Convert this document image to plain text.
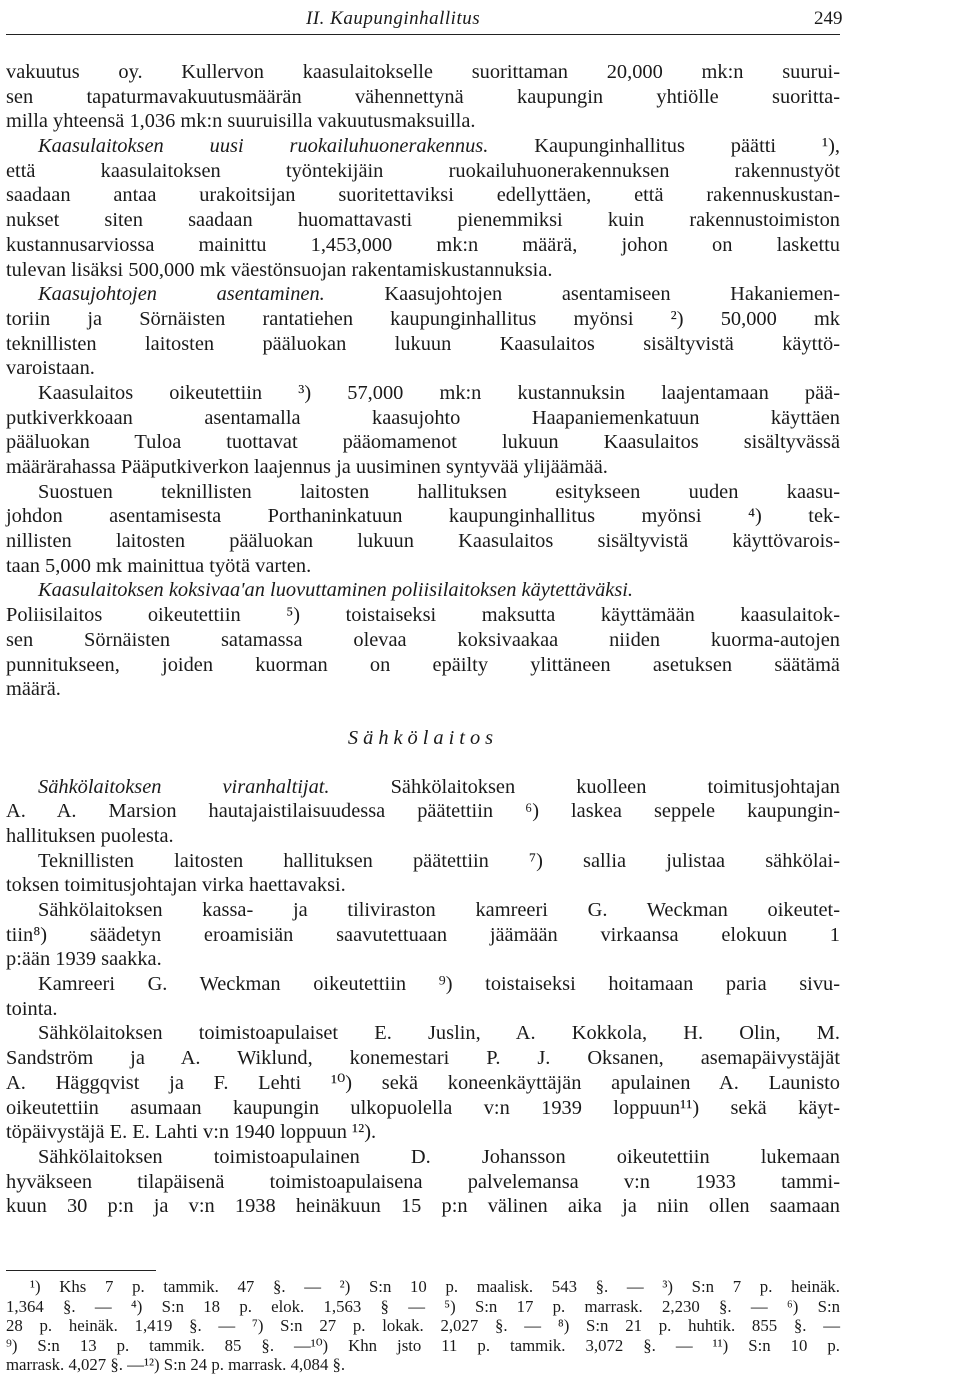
II. Kaupunginhallitus	249
vakuutus oy. Kullervon kaasulaitokselle suorittaman 20,000 mk:n suurui-
sen tapaturmavakuutusmäärän vähennettynä kaupungin yhtiölle suoritta-
milla yhteensä 1,036 mk:n suuruisilla vakuutusmaksuilla.
Kaasulaitoksen uusi ruokailuhuonerakennus. Kaupunginhallitus päätti ¹),
että kaasulaitoksen työntekijäin ruokailuhuonerakennuksen rakennustyöt
saadaan antaa urakoitsijan suoritettaviksi edellyttäen, että rakennuskustan-
nukset siten saadaan huomattavasti pienemmiksi kuin rakennustoimiston
kustannusarviossa mainittu 1,453,000 mk:n määrä, johon on laskettu
tulevan lisäksi 500,000 mk väestönsuojan rakentamiskustannuksia.
Kaasujohtojen asentaminen. Kaasujohtojen asentamiseen Hakaniemen-
toriin ja Sörnäisten rantatiehen kaupunginhallitus myönsi ²) 50,000 mk
teknillisten laitosten pääluokan lukuun Kaasulaitos sisältyvistä käyttö-
varoistaan.
Kaasulaitos oikeutettiin ³) 57,000 mk:n kustannuksin laajentamaan pää-
putkiverkkoaan asentamalla kaasujohto Haapaniemenkatuun käyttäen
pääluokan Tuloa tuottavat pääomamenot lukuun Kaasulaitos sisältyvässä
määrärahassa Pääputkiverkon laajennus ja uusiminen syntyvää ylijäämää.
Suostuen teknillisten laitosten hallituksen esitykseen uuden kaasu-
johdon asentamisesta Porthaninkatuun kaupunginhallitus myönsi ⁴) tek-
nillisten laitosten pääluokan lukuun Kaasulaitos sisältyvistä käyttövarois-
taan 5,000 mk mainittua työtä varten.
Kaasulaitoksen koksivaa'an luovuttaminen poliisilaitoksen käytettäväksi.
Poliisilaitos oikeutettiin ⁵) toistaiseksi maksutta käyttämään kaasulaitok-
sen Sörnäisten satamassa olevaa koksivaakaa niiden kuorma-autojen
punnitukseen, joiden kuorman on epäilty ylittäneen asetuksen säätämä
määrä.
Sähkölaitos
Sähkölaitoksen viranhaltijat. Sähkölaitoksen kuolleen toimitusjohtajan
A. A. Marsion hautajaistilaisuudessa päätettiin ⁶) laskea seppele kaupungin-
hallituksen puolesta.
Teknillisten laitosten hallituksen päätettiin ⁷) sallia julistaa sähkölai-
toksen toimitusjohtajan virka haettavaksi.
Sähkölaitoksen kassa- ja tiliviraston kamreeri G. Weckman oikeutet-
tiin⁸) säädetyn eroamisiän saavutettuaan jäämään virkaansa elokuun 1
p:ään 1939 saakka.
Kamreeri G. Weckman oikeutettiin ⁹) toistaiseksi hoitamaan paria sivu-
tointa.
Sähkölaitoksen toimistoapulaiset E. Juslin, A. Kokkola, H. Olin, M.
Sandström ja A. Wiklund, konemestari P. J. Oksanen, asemapäivystäjät
A. Häggqvist ja F. Lehti ¹⁰) sekä koneenkäyttäjän apulainen A. Launisto
oikeutettiin asumaan kaupungin ulkopuolella v:n 1939 loppuun¹¹) sekä käyt-
töpäivystäjä E. E. Lahti v:n 1940 loppuun ¹²).
Sähkölaitoksen toimistoapulainen D. Johansson oikeutettiin lukemaan
hyväkseen tilapäisenä toimistoapulaisena palvelemansa v:n 1933 tammi-
kuun 30 p:n ja v:n 1938 heinäkuun 15 p:n välinen aika ja niin ollen saamaan
¹) Khs 7 p. tammik. 47 §. — ²) S:n 10 p. maalisk. 543 §. — ³) S:n 7 p. heinäk.
1,364 §. — ⁴) S:n 18 p. elok. 1,563 § — ⁵) S:n 17 p. marrask. 2,230 §. — ⁶) S:n
28 p. heinäk. 1,419 §. — ⁷) S:n 27 p. lokak. 2,027 §. — ⁸) S:n 21 p. huhtik. 855 §. —
⁹) S:n 13 p. tammik. 85 §. —¹⁰) Khn jsto 11 p. tammik. 3,072 §. — ¹¹) S:n 10 p.
marrask. 4,027 §. —¹²) S:n 24 p. marrask. 4,084 §.
